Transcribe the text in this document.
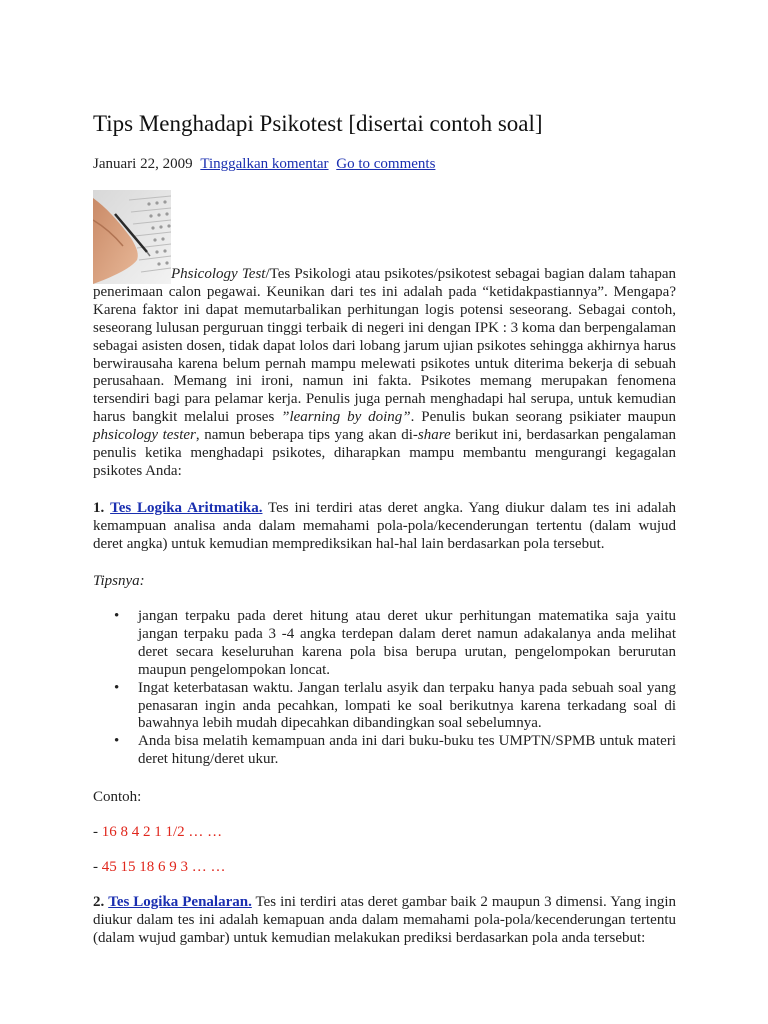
Tips Menghadapi Psikotest [disertai contoh soal]
Januari 22, 2009 Tinggalkan komentar Go to comments

Phsicology Test/Tes Psikologi atau psikotes/psikotest sebagai bagian dalam tahapan penerimaan calon pegawai. Keunikan dari tes ini adalah pada “ketidakpastiannya”. Mengapa? Karena faktor ini dapat memutarbalikan perhitungan logis potensi seseorang. Sebagai contoh, seseorang lulusan perguruan tinggi terbaik di negeri ini dengan IPK : 3 koma dan berpengalaman sebagai asisten dosen, tidak dapat lolos dari lobang jarum ujian psikotes sehingga akhirnya harus berwirausaha karena belum pernah mampu melewati psikotes untuk diterima bekerja di sebuah perusahaan. Memang ini ironi, namun ini fakta. Psikotes memang merupakan fenomena tersendiri bagi para pelamar kerja. Penulis juga pernah menghadapi hal serupa, untuk kemudian harus bangkit melalui proses ”learning by doing”. Penulis bukan seorang psikiater maupun phsicology tester, namun beberapa tips yang akan di-share berikut ini, berdasarkan pengalaman penulis ketika menghadapi psikotes, diharapkan mampu membantu mengurangi kegagalan psikotes Anda:

1. Tes Logika Aritmatika. Tes ini terdiri atas deret angka. Yang diukur dalam tes ini adalah kemampuan analisa anda dalam memahami pola-pola/kecenderungan tertentu (dalam wujud deret angka) untuk kemudian memprediksikan hal-hal lain berdasarkan pola tersebut.

Tipsnya:

• jangan terpaku pada deret hitung atau deret ukur perhitungan matematika saja yaitu jangan terpaku pada 3 -4 angka terdepan dalam deret namun adakalanya anda melihat deret secara keseluruhan karena pola bisa berupa urutan, pengelompokan berurutan maupun pengelompokan loncat.
• Ingat keterbatasan waktu. Jangan terlalu asyik dan terpaku hanya pada sebuah soal yang penasaran ingin anda pecahkan, lompati ke soal berikutnya karena terkadang soal di bawahnya lebih mudah dipecahkan dibandingkan soal sebelumnya.
• Anda bisa melatih kemampuan anda ini dari buku-buku tes UMPTN/SPMB untuk materi deret hitung/deret ukur.

Contoh:

- 16 8 4 2 1 1/2 … …
- 45 15 18 6 9 3 … …

2. Tes Logika Penalaran. Tes ini terdiri atas deret gambar baik 2 maupun 3 dimensi. Yang ingin diukur dalam tes ini adalah kemapuan anda dalam memahami pola-pola/kecenderungan tertentu (dalam wujud gambar) untuk kemudian melakukan prediksi berdasarkan pola anda tersebut:
